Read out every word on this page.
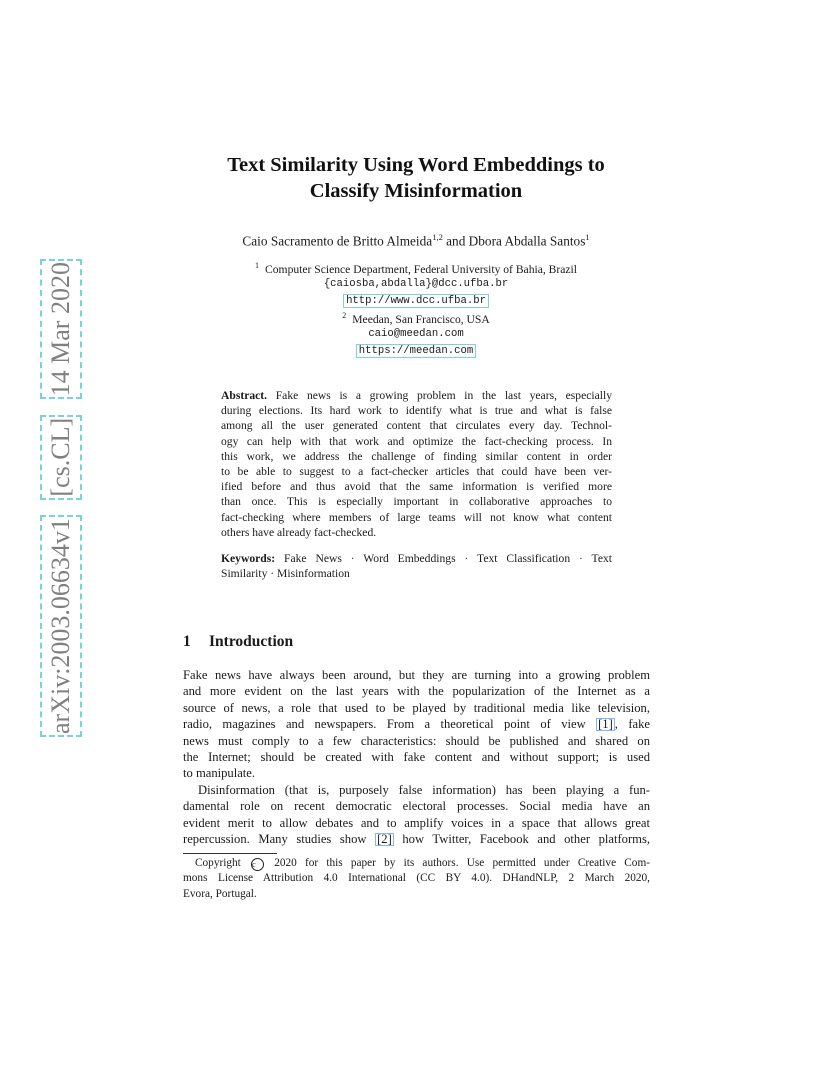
arXiv:2003.06634v1   [cs.CL]   14 Mar 2020
Text Similarity Using Word Embeddings to
Classify Misinformation
Caio Sacramento de Britto Almeida$^{1,2}$ and Dbora Abdalla Santos$^1$
$^1$ Computer Science Department, Federal University of Bahia, Brazil
{caiosba,abdalla}@dcc.ufba.br
http://www.dcc.ufba.br
$^2$ Meedan, San Francisco, USA
caio@meedan.com
https://meedan.com
Abstract. Fake news is a growing problem in the last years, especially
during elections. Its hard work to identify what is true and what is false
among all the user generated content that circulates every day. Technol-
ogy can help with that work and optimize the fact-checking process. In
this work, we address the challenge of finding similar content in order
to be able to suggest to a fact-checker articles that could have been ver-
ified before and thus avoid that the same information is verified more
than once. This is especially important in collaborative approaches to
fact-checking where members of large teams will not know what content
others have already fact-checked.
Keywords: Fake News · Word Embeddings · Text Classification · Text
Similarity · Misinformation
1 Introduction
Fake news have always been around, but they are turning into a growing problem
and more evident on the last years with the popularization of the Internet as a
source of news, a role that used to be played by traditional media like television,
radio, magazines and newspapers. From a theoretical point of view [1] , fake
news must comply to a few characteristics: should be published and shared on
the Internet; should be created with fake content and without support; is used
to manipulate.
Disinformation (that is, purposely false information) has been playing a fun-
damental role on recent democratic electoral processes. Social media have an
evident merit to allow debates and to amplify voices in a space that allows great
repercussion. Many studies show [2] how Twitter, Facebook and other platforms,
Copyright c 2020 for this paper by its authors. Use permitted under Creative Com-
mons License Attribution 4.0 International (CC BY 4.0). DHandNLP, 2 March 2020,
Evora, Portugal.
